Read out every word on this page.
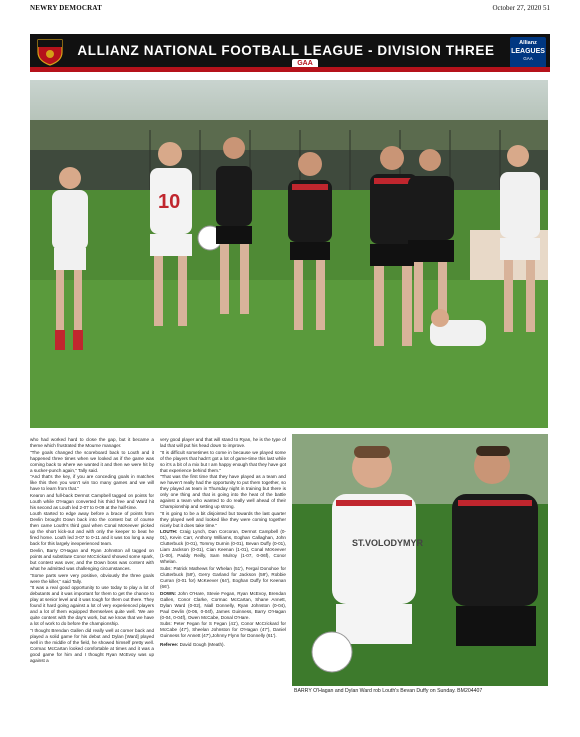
NEWRY DEMOCRAT	October 27, 2020 51
ALLIANZ NATIONAL FOOTBALL LEAGUE - DIVISION THREE
GAA
Allianz
LEAGUES
GAA
10

who had worked hard to close the gap, but it became a theme which frustrated the Mourne manager.

"The goals changed the scoreboard back to Louth and it happened three times when we looked as if the game was coming back to where we wanted it and then we were hit by a sucker-punch again," Tally said.

"And that's the key, if you are conceding goals in matches like this then you won't win too many games and we will have to learn from that."

Kearon and full-back Dermot Campbell tagged on points for Louth while O'Hagan converted his third free and Ward hit his second as Louth led 2-07 to 0-09 at the half-time.

Louth started to edge away before a brace of points from Devlin brought Down back into the contest but of course then came Louth's third goal when Conal McKeever picked up the short kick-out and with only the keeper to beat he fired home. Louth led 3-07 to 0-11 and it was too long a way back for this largely inexperienced team.

Devlin, Barry O'Hagan and Ryan Johnston all tagged on points and substitute Conor McCrickard showed some spark, but contest was over, and the Down boss was content with what he admitted was challenging circumstances.

"Some parts were very positive, obviously the three goals were the killer," said Tally.

"It was a real good opportunity to use today to play a lot of debutants and it was important for them to get the chance to play at senior level and it was tough for them out there. They found it hard going against a lot of very experienced players and a lot of them equipped themselves quite well. 'We are quite content with the day's work, but we know that we have a lot of work to do before the championship.

"I thought Brendan Gallen did really well at corner back and played a solid game for his debut and Dylan [Ward] played well in the middle of the field, he showed himself pretty well. Cormac McCartan looked comfortable at times and it was a good game for him and I thought Ryan McEvoy was up against a

very good player and that will stand to Ryan, he is the type of lad that will put his head down to improve.

"It is difficult sometimes to come in because we played some of the players that hadn't got a lot of game-time this last while so it's a bit of a mix but I am happy enough that they have got that experience behind them."

"That was the first time that they have played as a team and we haven't really had the opportunity to put them together, so they played as team in Thursday night in training but there is only one thing and that is going into the heat of the battle against a team who wanted to do really well ahead of their Championship and setting up strong.

"It is going to be a bit disjointed but towards the last quarter they played well and looked like they were coming together nicely but it does take time."

LOUTH: Craig Lynch, Dan Corcoran, Dermot Campbell (0-01), Kevin Carr, Anthony Williams, Eoghan Callaghan, John Clutterbuck (0-01), Tommy Durnin (0-01), Bevan Duffy (0-01), Liam Jackson (0-01), Cian Keenan (1-01), Conal McKeever (1-00), Paddy Reilly, Sam Mulroy (1-07, 0-06f), Conor Whelan.

Subs: Patrick Mathews for Whelan (51'), Fergal Donohoe for Clutterbuck (59'), Gerry Garland for Jackson (59'), Robbie Curran (0-01 for) McKeever (64'), Eoghan Duffy for Keenan (66').

DOWN: John O'Hare, Stevie Fegan, Ryan McEvoy, Brendan Gallen, Conor Clarke, Cormac McCartan, Shane Annett, Dylan Ward (0-02), Niall Donnelly, Ryan Johnston (0-04), Paul Devlin (0-06, 0-04f), James Guinness, Barry O'Hagan (0-04, 0-04f), Owen McCabe, Donal O'Hare.

Subs: Peter Fegan for S Fegan (41'), Conor McCrickard for McCabe (47'), Sheelan Johnston for O'Hagan (47'), Daniel Guinness for Annett (47'),Johnny Flynn for Donnelly (61').

Referee: David Gough (Meath).

ST.VOLODYMYR
BARRY O'Hagan and Dylan Ward rob Louth's Bevan Duffy on Sunday. BM204407
